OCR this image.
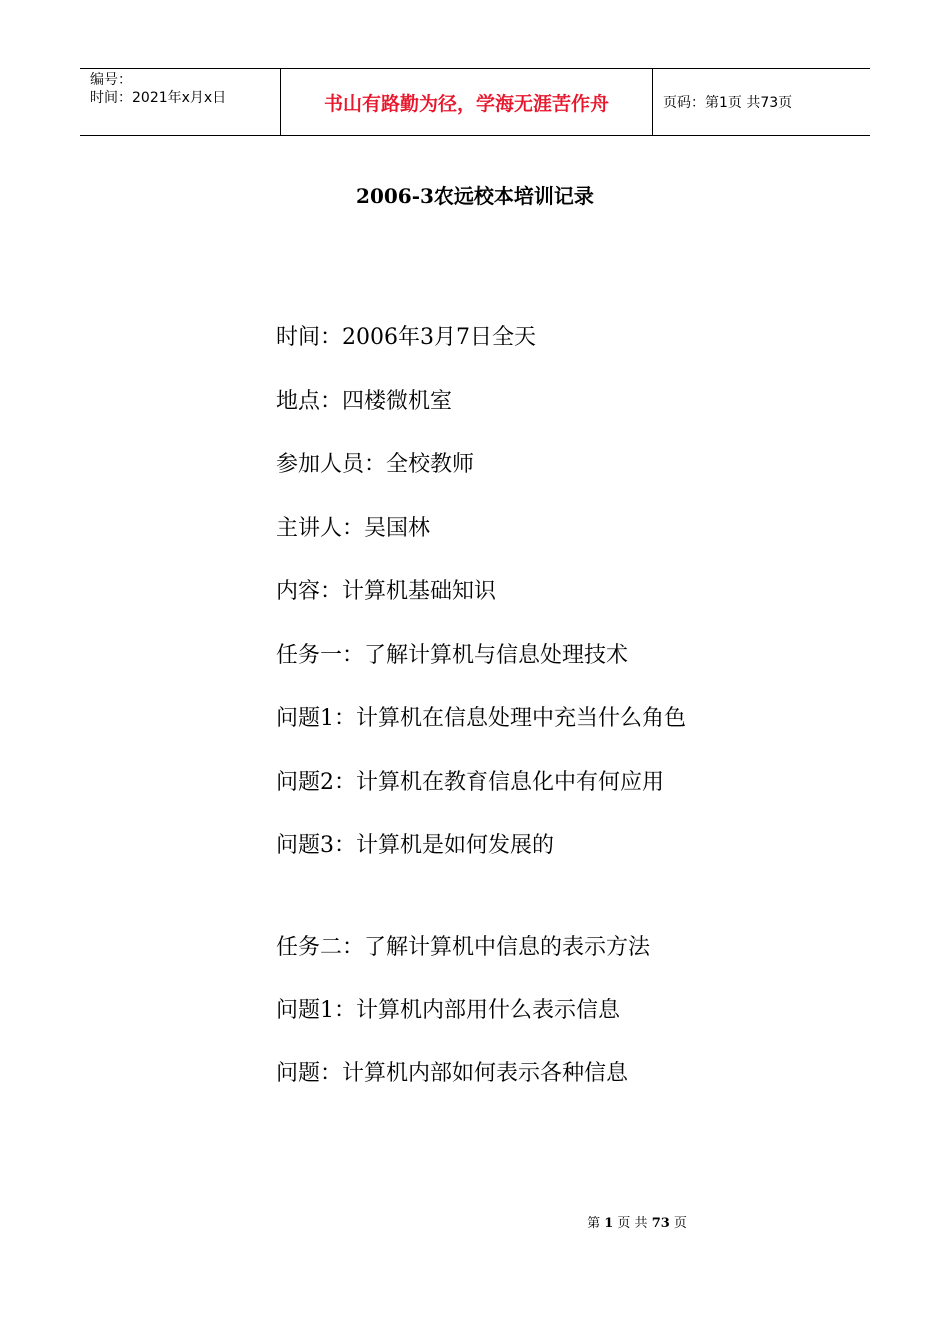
编号：
时间：2021年x月x日	书山有路勤为径，学海无涯苦作舟	页码：第1页 共73页
2006-3农远校本培训记录
时间：2006年3月7日全天
地点：四楼微机室
参加人员：全校教师
主讲人：吴国林
内容：计算机基础知识
任务一：了解计算机与信息处理技术
问题1：计算机在信息处理中充当什么角色
问题2：计算机在教育信息化中有何应用
问题3：计算机是如何发展的
任务二：了解计算机中信息的表示方法
问题1：计算机内部用什么表示信息
问题：计算机内部如何表示各种信息
第 1 页 共 73 页
